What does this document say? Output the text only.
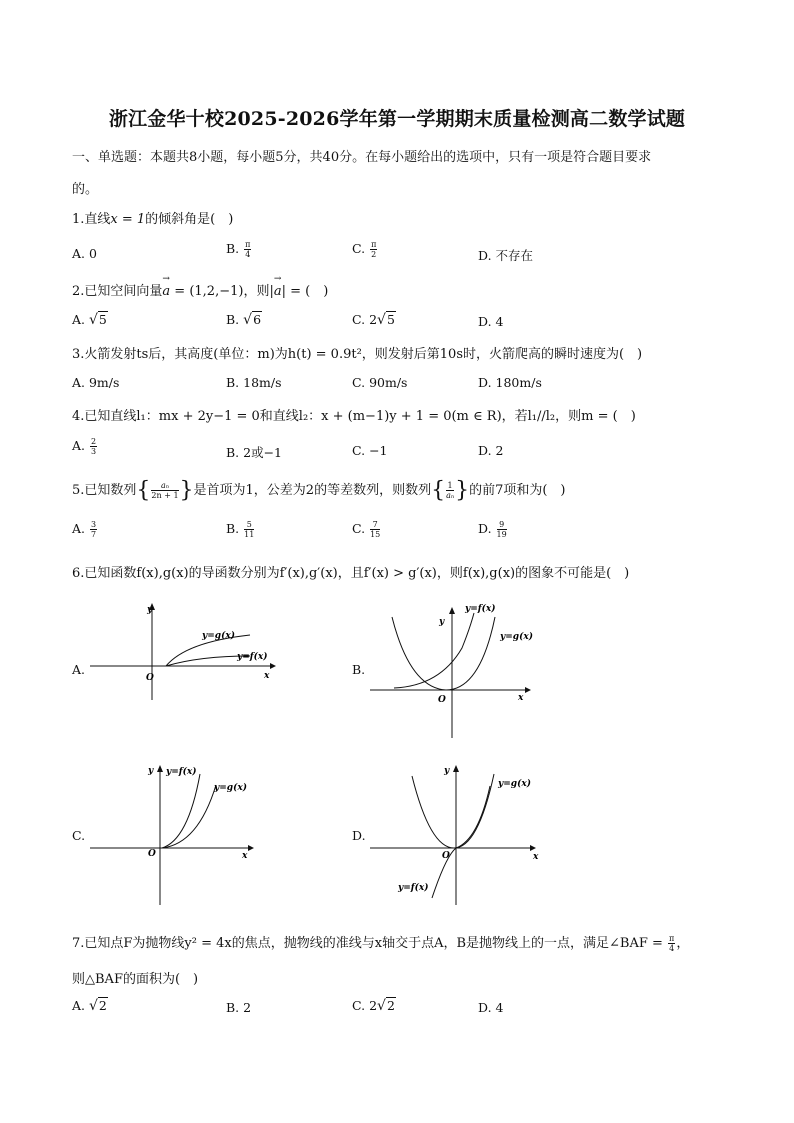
浙江金华十校2025-2026学年第一学期期末质量检测高二数学试题
一、单选题：本题共8小题，每小题5分，共40分。在每小题给出的选项中，只有一项是符合题目要求
的。
1.直线x = 1的倾斜角是(　)
A. 0	B. $\frac{\pi}{4}$	C. $\frac{\pi}{2}$	D. 不存在
2.已知空间向量
→
a = (1,2,−1)，则|
→
a| = (　)
A. √5	B. √6	C. 2√5	D. 4
3.火箭发射ts后，其高度(单位：m)为h(t) = 0.9t²，则发射后第10s时，火箭爬高的瞬时速度为(　)
A. 9m/s	B. 18m/s	C. 90m/s	D. 180m/s
4.已知直线l₁：mx + 2y−1 = 0和直线l₂：x + (m−1)y + 1 = 0(m ∈ R)，若l₁//l₂，则m = (　)
A. $\frac{2}{3}$	B. 2或−1	C. −1	D. 2
5.已知数列{ $\frac{\text{aₙ}}{2n + 1}$ }是首项为1，公差为2的等差数列，则数列{ $\frac{1}{\text{aₙ}}$ }的前7项和为(　)
A. $\frac{3}{7}$	B. $\frac{5}{11}$	C. $\frac{7}{15}$	D. $\frac{9}{19}$
6.已知函数f(x),g(x)的导函数分别为f′(x),g′(x)，且f′(x) > g′(x)，则f(x),g(x)的图象不可能是(　)
A.
y
O	x
y=g(x)
y=f(x)
B.
y
O	x
y=f(x)
y=g(x)
C.
y y=f(x)
y=g(x)
O	x
D.
y
y=g(x)
O	x
y=f(x)
7.已知点F为抛物线y² = 4x的焦点，抛物线的准线与x轴交于点A，B是抛物线上的一点，满足∠BAF = $\frac{\pi}{4}$ ，
则△BAF的面积为(　)
A. √2	B. 2	C. 2√2	D. 4
